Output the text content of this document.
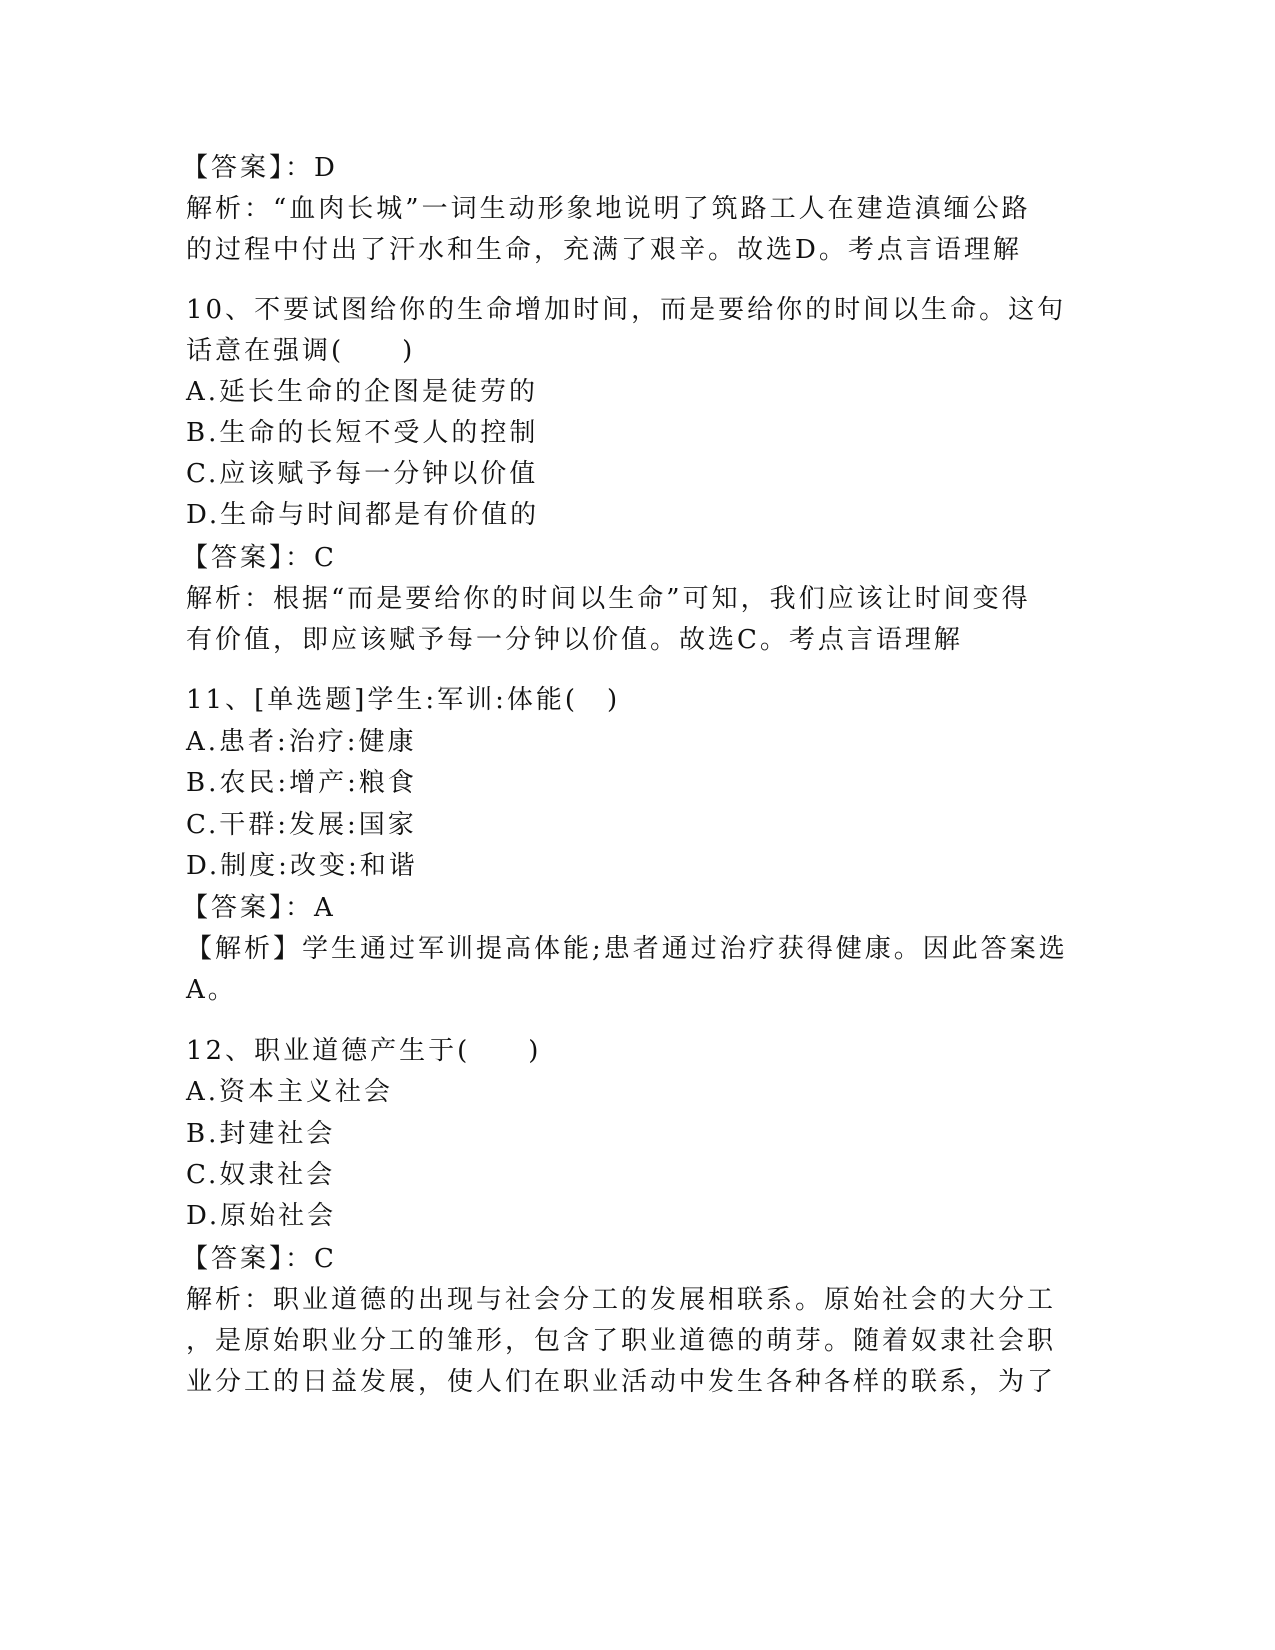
【答案】：D
解析：“血肉长城”一词生动形象地说明了筑路工人在建造滇缅公路
的过程中付出了汗水和生命，充满了艰辛。故选D。考点言语理解
10、不要试图给你的生命增加时间，而是要给你的时间以生命。这句
话意在强调(　　)
A.延长生命的企图是徒劳的
B.生命的长短不受人的控制
C.应该赋予每一分钟以价值
D.生命与时间都是有价值的
【答案】：C
解析：根据“而是要给你的时间以生命”可知，我们应该让时间变得
有价值，即应该赋予每一分钟以价值。故选C。考点言语理解
11、[单选题]学生:军训:体能(　)
A.患者:治疗:健康
B.农民:增产:粮食
C.干群:发展:国家
D.制度:改变:和谐
【答案】：A
【解析】学生通过军训提高体能;患者通过治疗获得健康。因此答案选
A。
12、职业道德产生于(　　)
A.资本主义社会
B.封建社会
C.奴隶社会
D.原始社会
【答案】：C
解析：职业道德的出现与社会分工的发展相联系。原始社会的大分工
，是原始职业分工的雏形，包含了职业道德的萌芽。随着奴隶社会职
业分工的日益发展，使人们在职业活动中发生各种各样的联系，为了
